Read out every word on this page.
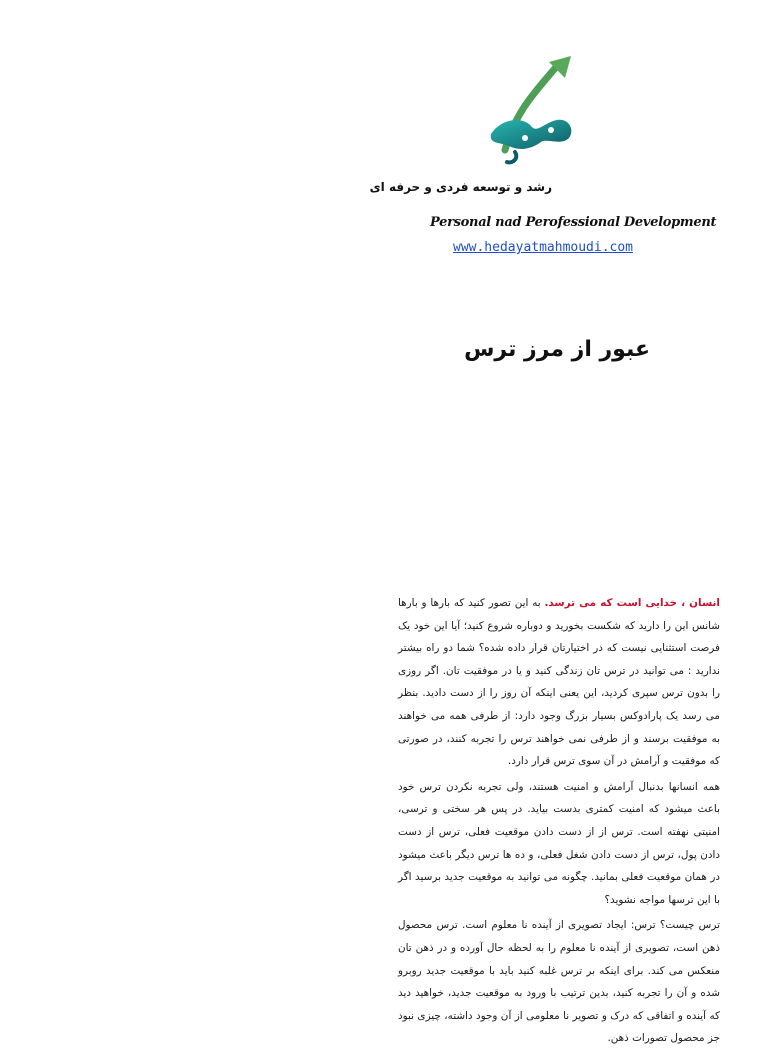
رشد و توسعه فردی و حرفه ای
Personal nad Perofessional Development
www.hedayatmahmoudi.com
عبور از مرز ترس

انسان ، خدایی است که می ترسد. به این تصور کنید که بارها و بارها شانس این را دارید که شکست بخورید و دوباره شروع کنید؛ آیا این خود یک فرصت استثنایی نیست که در اختیارتان قرار داده شده؟ شما دو راه بیشتر ندارید : می توانید در ترس تان زندگی کنید و یا در موفقیت تان. اگر روزی را بدون ترس سپری کردید، این یعنی اینکه آن روز را از دست دادید. بنظر می رسد یک پارادوکس بسیار بزرگ وجود دارد: از طرفی همه می خواهند به موفقیت برسند و از طرفی نمی خواهند ترس را تجربه کنند، در صورتی که موفقیت و آرامش در آن سوی ترس قرار دارد.

همه انسانها بدنبال آرامش و امنیت هستند، ولی تجربه نکردن ترس خود باعث میشود که امنیت کمتری بدست بیاید. در پس هر سختی و ترسی، امنیتی نهفته است. ترس از از دست دادن موقعیت فعلی، ترس از دست دادن پول، ترس از دست دادن شغل فعلی، و ده ها ترس دیگر باعث میشود در همان موقعیت فعلی بمانید. چگونه می توانید به موقعیت جدید برسید اگر با این ترسها مواجه نشوید؟

ترس چیست؟ ترس: ایجاد تصویری از آینده نا معلوم است. ترس محصول ذهن است، تصویری از آینده نا معلوم را به لحظه حال آورده و در ذهن تان منعکس می کند. برای اینکه بر ترس غلبه کنید باید با موقعیت جدید روبرو شده و آن را تجربه کنید، بدین ترتیب با ورود به موقعیت جدید، خواهید دید که آینده و اتفاقی که درک و تصویر نا معلومی از آن وجود داشته، چیزی نبود جز محصول تصورات ذهن.
